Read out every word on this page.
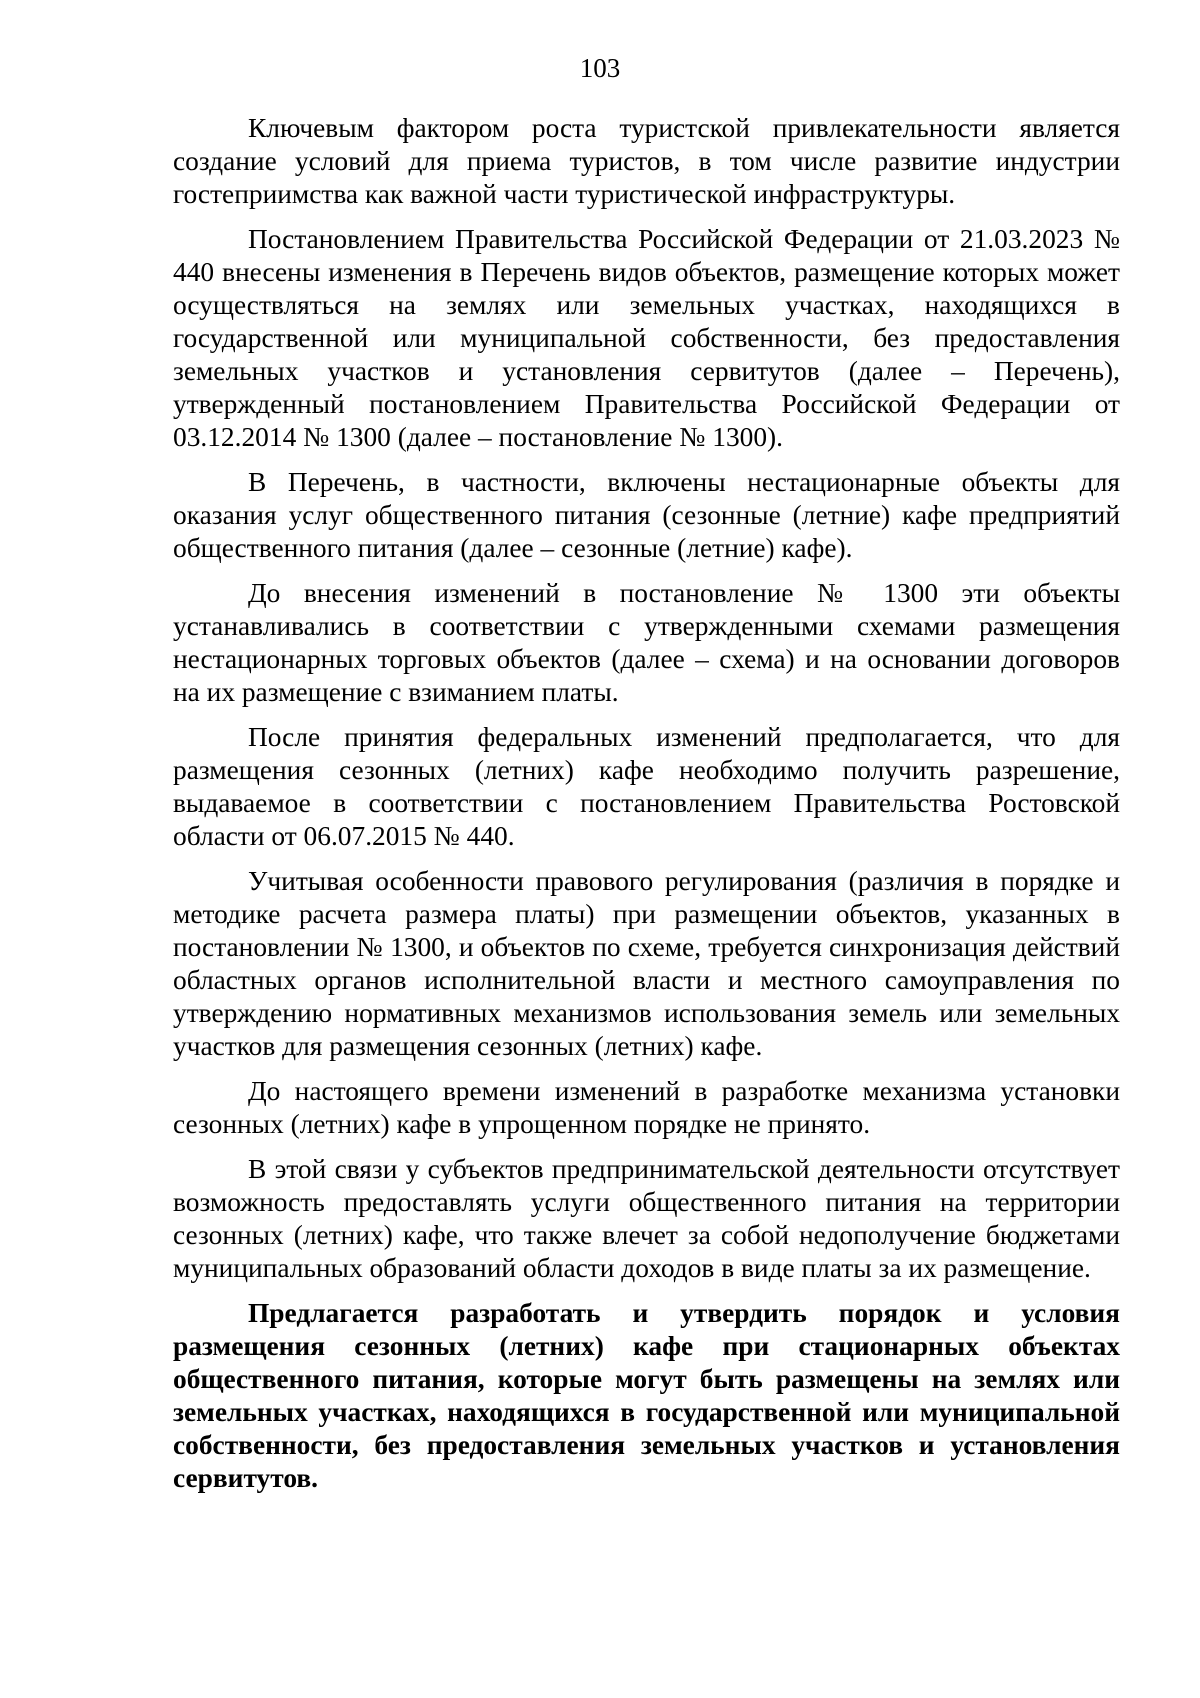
103

Ключевым фактором роста туристской привлекательности является создание условий для приема туристов, в том числе развитие индустрии гостеприимства как важной части туристической инфраструктуры.

Постановлением Правительства Российской Федерации от 21.03.2023 № 440 внесены изменения в Перечень видов объектов, размещение которых может осуществляться на землях или земельных участках, находящихся в государственной или муниципальной собственности, без предоставления земельных участков и установления сервитутов (далее – Перечень), утвержденный постановлением Правительства Российской Федерации от 03.12.2014 № 1300 (далее – постановление № 1300).

В Перечень, в частности, включены нестационарные объекты для оказания услуг общественного питания (сезонные (летние) кафе предприятий общественного питания (далее – сезонные (летние) кафе).

До внесения изменений в постановление № 1300 эти объекты устанавливались в соответствии с утвержденными схемами размещения нестационарных торговых объектов (далее – схема) и на основании договоров на их размещение с взиманием платы.

После принятия федеральных изменений предполагается, что для размещения сезонных (летних) кафе необходимо получить разрешение, выдаваемое в соответствии с постановлением Правительства Ростовской области от 06.07.2015 № 440.

Учитывая особенности правового регулирования (различия в порядке и методике расчета размера платы) при размещении объектов, указанных в постановлении № 1300, и объектов по схеме, требуется синхронизация действий областных органов исполнительной власти и местного самоуправления по утверждению нормативных механизмов использования земель или земельных участков для размещения сезонных (летних) кафе.

До настоящего времени изменений в разработке механизма установки сезонных (летних) кафе в упрощенном порядке не принято.

В этой связи у субъектов предпринимательской деятельности отсутствует возможность предоставлять услуги общественного питания на территории сезонных (летних) кафе, что также влечет за собой недополучение бюджетами муниципальных образований области доходов в виде платы за их размещение.

Предлагается разработать и утвердить порядок и условия размещения сезонных (летних) кафе при стационарных объектах общественного питания, которые могут быть размещены на землях или земельных участках, находящихся в государственной или муниципальной собственности, без предоставления земельных участков и установления сервитутов.
